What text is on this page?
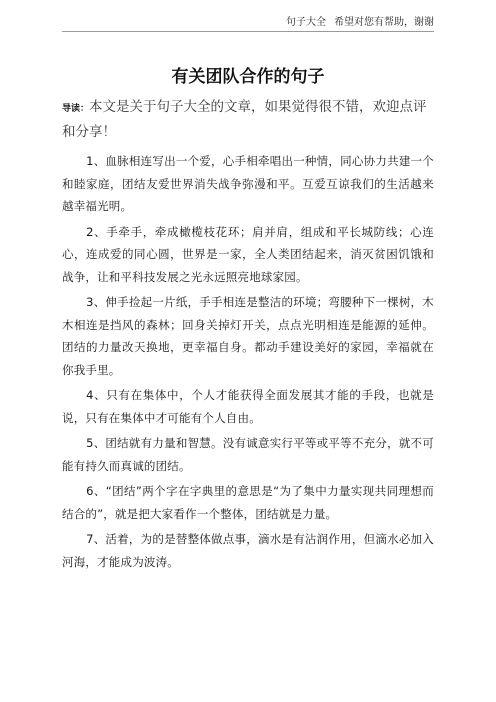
句子大全 希望对您有帮助，谢谢
有关团队合作的句子

导读：本文是关于句子大全的文章，如果觉得很不错，欢迎点评和分享！

1、血脉相连写出一个爱，心手相牵唱出一种情，同心协力共建一个和睦家庭，团结友爱世界消失战争弥漫和平。互爱互谅我们的生活越来越幸福光明。

2、手牵手，牵成橄榄枝花环；肩并肩，组成和平长城防线；心连心，连成爱的同心圆，世界是一家，全人类团结起来，消灭贫困饥饿和战争，让和平科技发展之光永远照亮地球家园。

3、伸手捡起一片纸，手手相连是整洁的环境；弯腰种下一棵树，木木相连是挡风的森林；回身关掉灯开关，点点光明相连是能源的延伸。团结的力量改天换地，更幸福自身。都动手建设美好的家园，幸福就在你我手里。

4、只有在集体中，个人才能获得全面发展其才能的手段，也就是说，只有在集体中才可能有个人自由。

5、团结就有力量和智慧。没有诚意实行平等或平等不充分，就不可能有持久而真诚的团结。

6、“团结”两个字在字典里的意思是“为了集中力量实现共同理想而结合的”，就是把大家看作一个整体，团结就是力量。

7、活着，为的是替整体做点事，滴水是有沾润作用，但滴水必加入河海，才能成为波涛。
